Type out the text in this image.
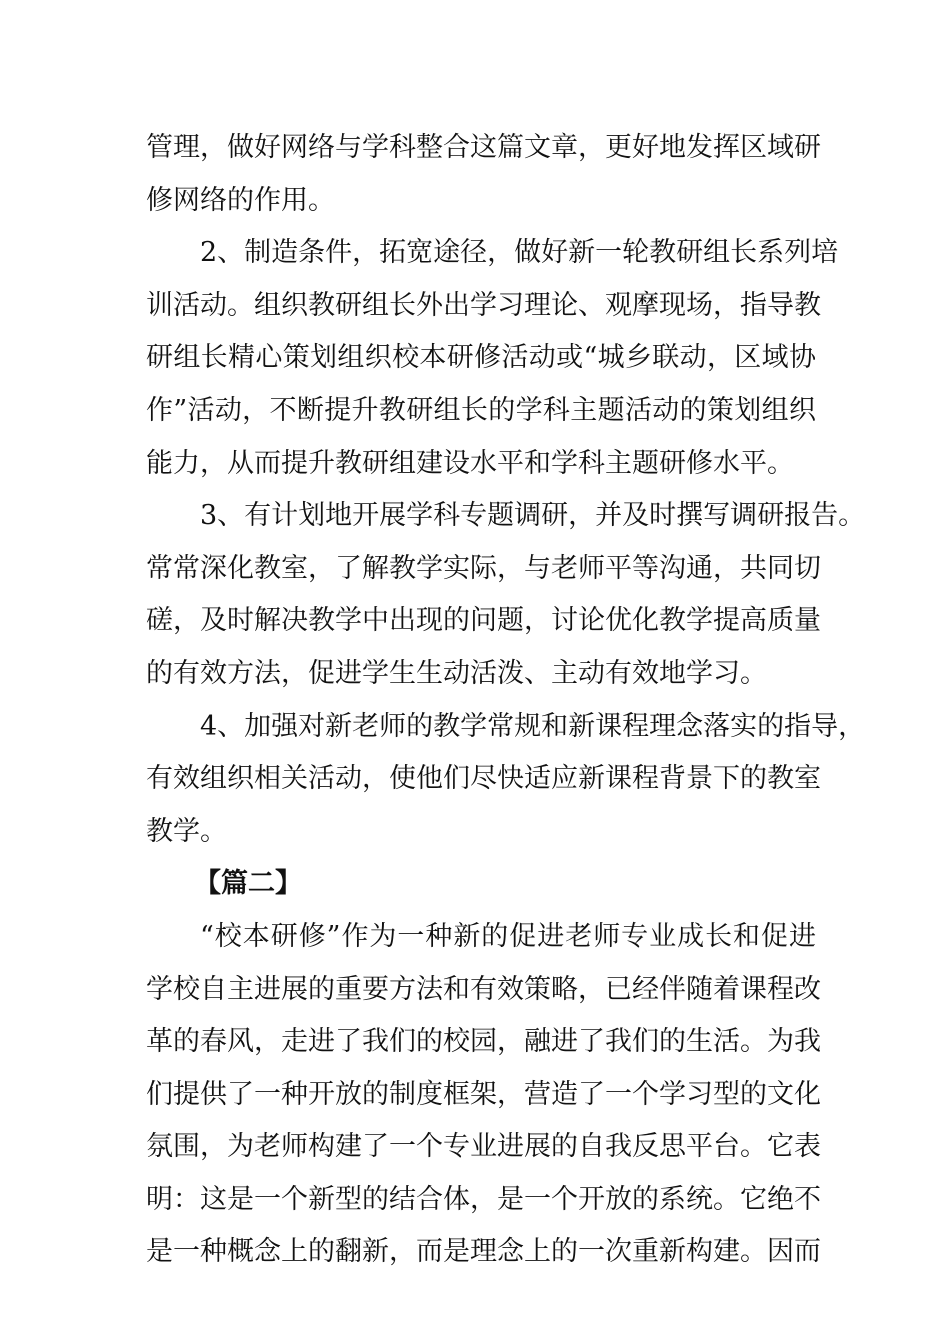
管理，做好网络与学科整合这篇文章，更好地发挥区域研
修网络的作用。
2、制造条件，拓宽途径，做好新一轮教研组长系列培
训活动。组织教研组长外出学习理论、观摩现场，指导教
研组长精心策划组织校本研修活动或“城乡联动，区域协
作”活动，不断提升教研组长的学科主题活动的策划组织
能力，从而提升教研组建设水平和学科主题研修水平。
3、有计划地开展学科专题调研，并及时撰写调研报告。
常常深化教室，了解教学实际，与老师平等沟通，共同切
磋，及时解决教学中出现的问题，讨论优化教学提高质量
的有效方法，促进学生生动活泼、主动有效地学习。
4、加强对新老师的教学常规和新课程理念落实的指导，
有效组织相关活动，使他们尽快适应新课程背景下的教室
教学。
【篇二】
“校本研修”作为一种新的促进老师专业成长和促进
学校自主进展的重要方法和有效策略，已经伴随着课程改
革的春风，走进了我们的校园，融进了我们的生活。为我
们提供了一种开放的制度框架，营造了一个学习型的文化
氛围，为老师构建了一个专业进展的自我反思平台。它表
明：这是一个新型的结合体，是一个开放的系统。它绝不
是一种概念上的翻新，而是理念上的一次重新构建。因而
